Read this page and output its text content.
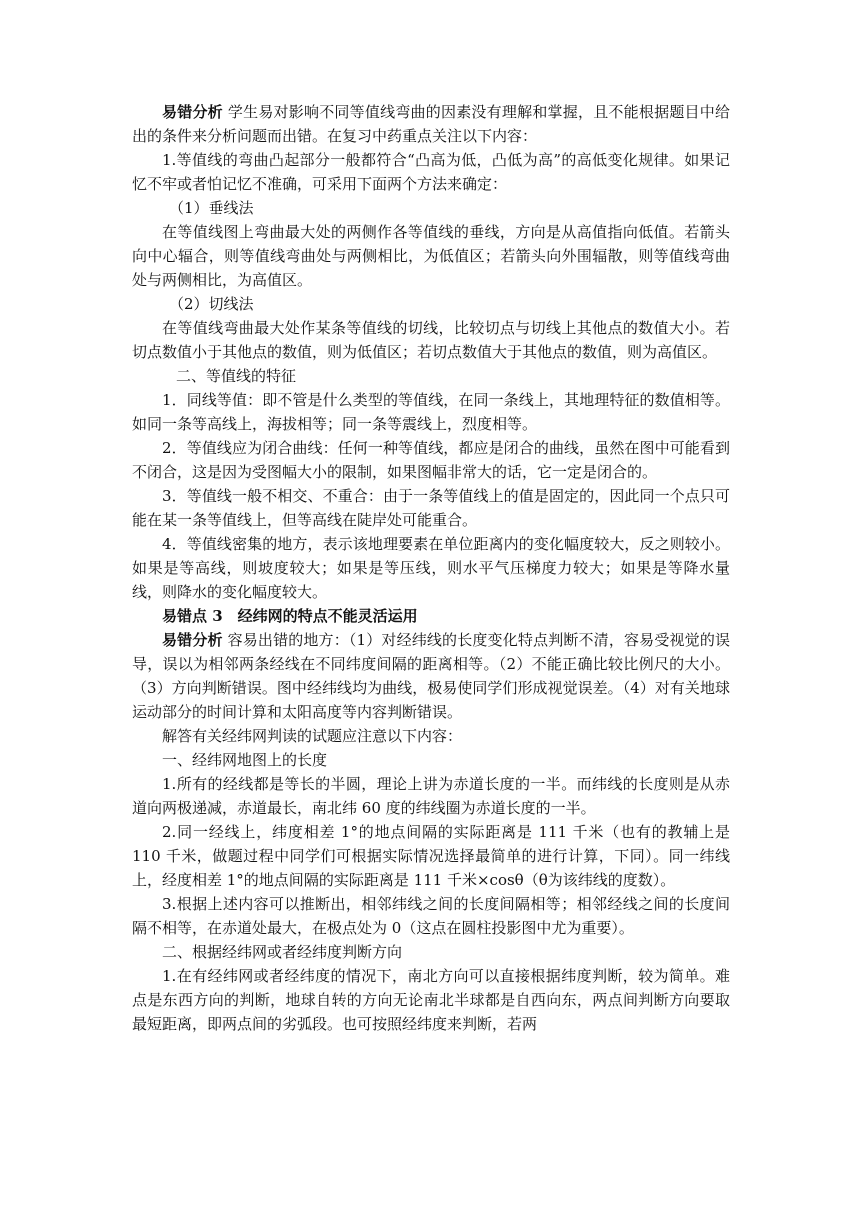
易错分析 学生易对影响不同等值线弯曲的因素没有理解和掌握，且不能根据题目中给出的条件来分析问题而出错。在复习中药重点关注以下内容：

1.等值线的弯曲凸起部分一般都符合“凸高为低，凸低为高”的高低变化规律。如果记忆不牢或者怕记忆不准确，可采用下面两个方法来确定：

（1）垂线法

在等值线图上弯曲最大处的两侧作各等值线的垂线，方向是从高值指向低值。若箭头向中心辐合，则等值线弯曲处与两侧相比，为低值区；若箭头向外围辐散，则等值线弯曲处与两侧相比，为高值区。

（2）切线法

在等值线弯曲最大处作某条等值线的切线，比较切点与切线上其他点的数值大小。若切点数值小于其他点的数值，则为低值区；若切点数值大于其他点的数值，则为高值区。

二、等值线的特征

1．同线等值：即不管是什么类型的等值线，在同一条线上，其地理特征的数值相等。如同一条等高线上，海拔相等；同一条等震线上，烈度相等。

2．等值线应为闭合曲线：任何一种等值线，都应是闭合的曲线，虽然在图中可能看到不闭合，这是因为受图幅大小的限制，如果图幅非常大的话，它一定是闭合的。

3．等值线一般不相交、不重合：由于一条等值线上的值是固定的，因此同一个点只可能在某一条等值线上，但等高线在陡岸处可能重合。

4．等值线密集的地方，表示该地理要素在单位距离内的变化幅度较大，反之则较小。如果是等高线，则坡度较大；如果是等压线，则水平气压梯度力较大；如果是等降水量线，则降水的变化幅度较大。

易错点 3　经纬网的特点不能灵活运用

易错分析 容易出错的地方：（1）对经纬线的长度变化特点判断不清，容易受视觉的误导，误以为相邻两条经线在不同纬度间隔的距离相等。（2）不能正确比较比例尺的大小。（3）方向判断错误。图中经纬线均为曲线，极易使同学们形成视觉误差。（4）对有关地球运动部分的时间计算和太阳高度等内容判断错误。

解答有关经纬网判读的试题应注意以下内容：

一、经纬网地图上的长度

1.所有的经线都是等长的半圆，理论上讲为赤道长度的一半。而纬线的长度则是从赤道向两极递减，赤道最长，南北纬 60 度的纬线圈为赤道长度的一半。

2.同一经线上，纬度相差 1°的地点间隔的实际距离是 111 千米（也有的教辅上是 110 千米，做题过程中同学们可根据实际情况选择最简单的进行计算，下同）。同一纬线上，经度相差 1°的地点间隔的实际距离是 111 千米×cosθ（θ为该纬线的度数）。

3.根据上述内容可以推断出，相邻纬线之间的长度间隔相等；相邻经线之间的长度间隔不相等，在赤道处最大，在极点处为 0（这点在圆柱投影图中尤为重要）。

二、根据经纬网或者经纬度判断方向

1.在有经纬网或者经纬度的情况下，南北方向可以直接根据纬度判断，较为简单。难点是东西方向的判断，地球自转的方向无论南北半球都是自西向东，两点间判断方向要取最短距离，即两点间的劣弧段。也可按照经纬度来判断，若两
